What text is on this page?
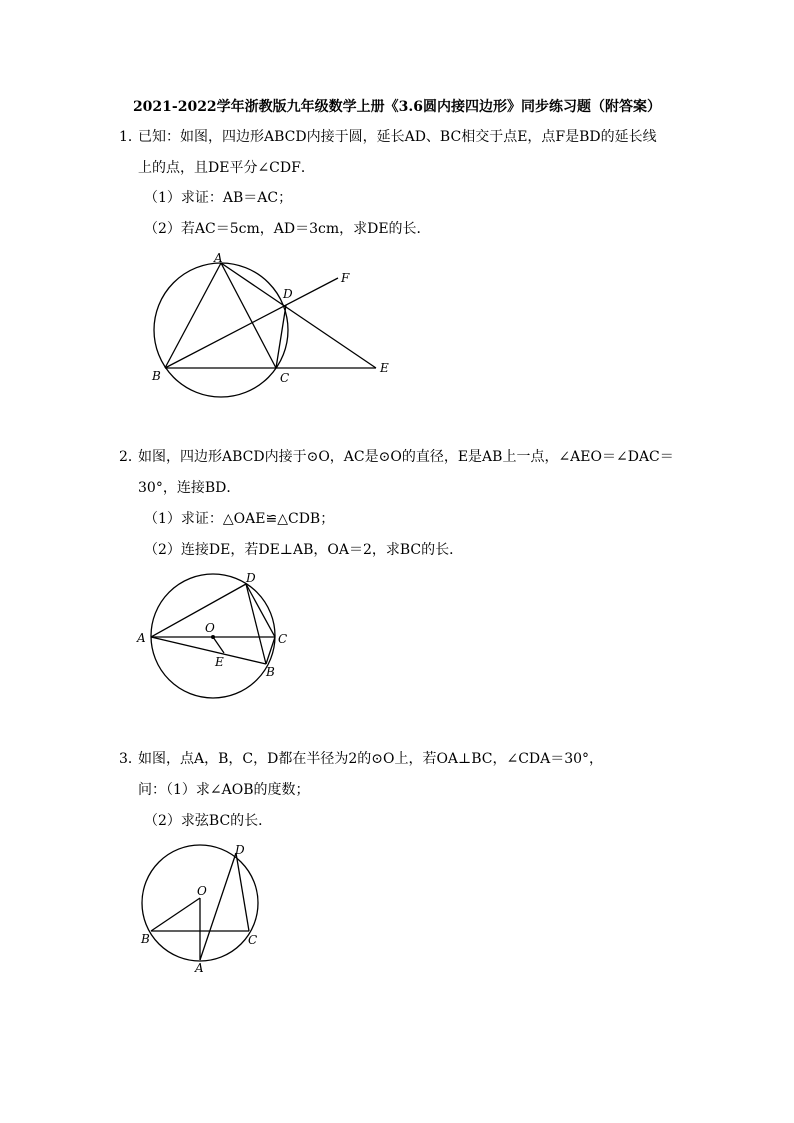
2021-2022学年浙教版九年级数学上册《3.6圆内接四边形》同步练习题（附答案）
1．已知：如图，四边形ABCD内接于圆，延长AD、BC相交于点E，点F是BD的延长线
上的点，且DE平分∠CDF．
（1）求证：AB＝AC；
（2）若AC＝5cm，AD＝3cm，求DE的长．
A
B	C
D
E
F
2．如图，四边形ABCD内接于⊙O，AC是⊙O的直径，E是AB上一点，∠AEO＝∠DAC＝
30°，连接BD．
（1）求证：△OAE≌△CDB；
（2）连接DE，若DE⊥AB，OA＝2，求BC的长．
A
B
C
D
E
O
3．如图，点A，B，C，D都在半径为2的⊙O上，若OA⊥BC，∠CDA＝30°，
问：（1）求∠AOB的度数；
（2）求弦BC的长．
B	C
A
D
O
